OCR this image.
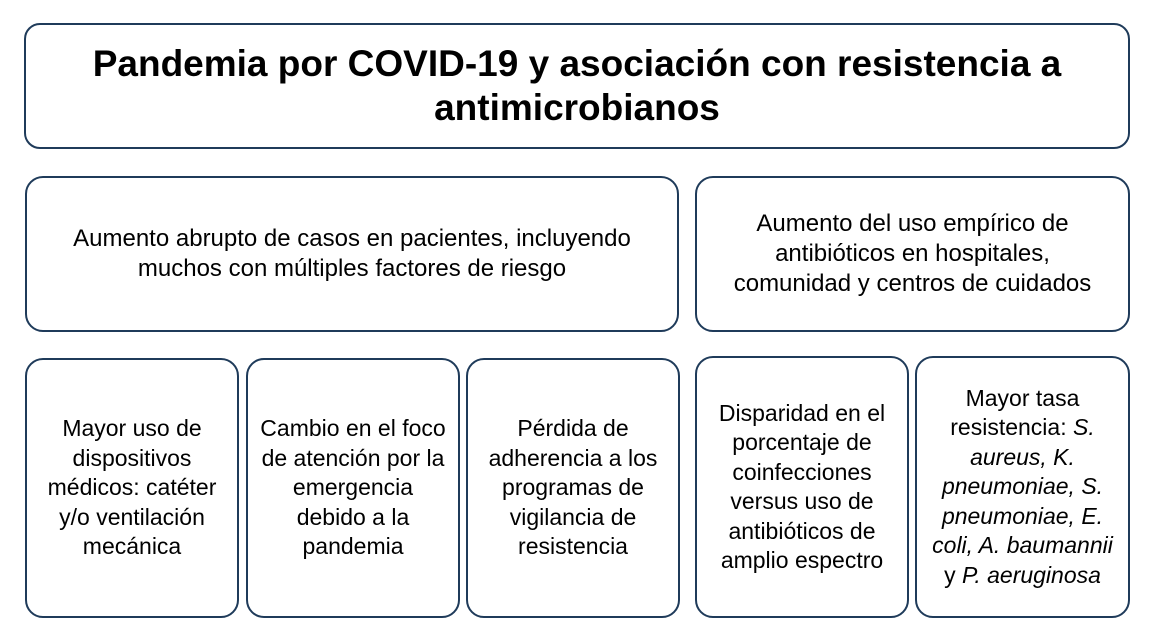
Pandemia por COVID-19 y asociación con resistencia a antimicrobianos
Aumento abrupto de casos en pacientes, incluyendo muchos con múltiples factores de riesgo
Aumento del uso empírico de antibióticos en hospitales, comunidad y centros de cuidados
Mayor uso de dispositivos médicos: catéter y/o ventilación mecánica
Cambio en el foco de atención por la emergencia debido a la pandemia
Pérdida de adherencia a los programas de vigilancia de resistencia
Disparidad en el porcentaje de coinfecciones versus uso de antibióticos de amplio espectro
Mayor tasa resistencia: S. aureus, K. pneumoniae, S. pneumoniae, E. coli, A. baumannii y P. aeruginosa
